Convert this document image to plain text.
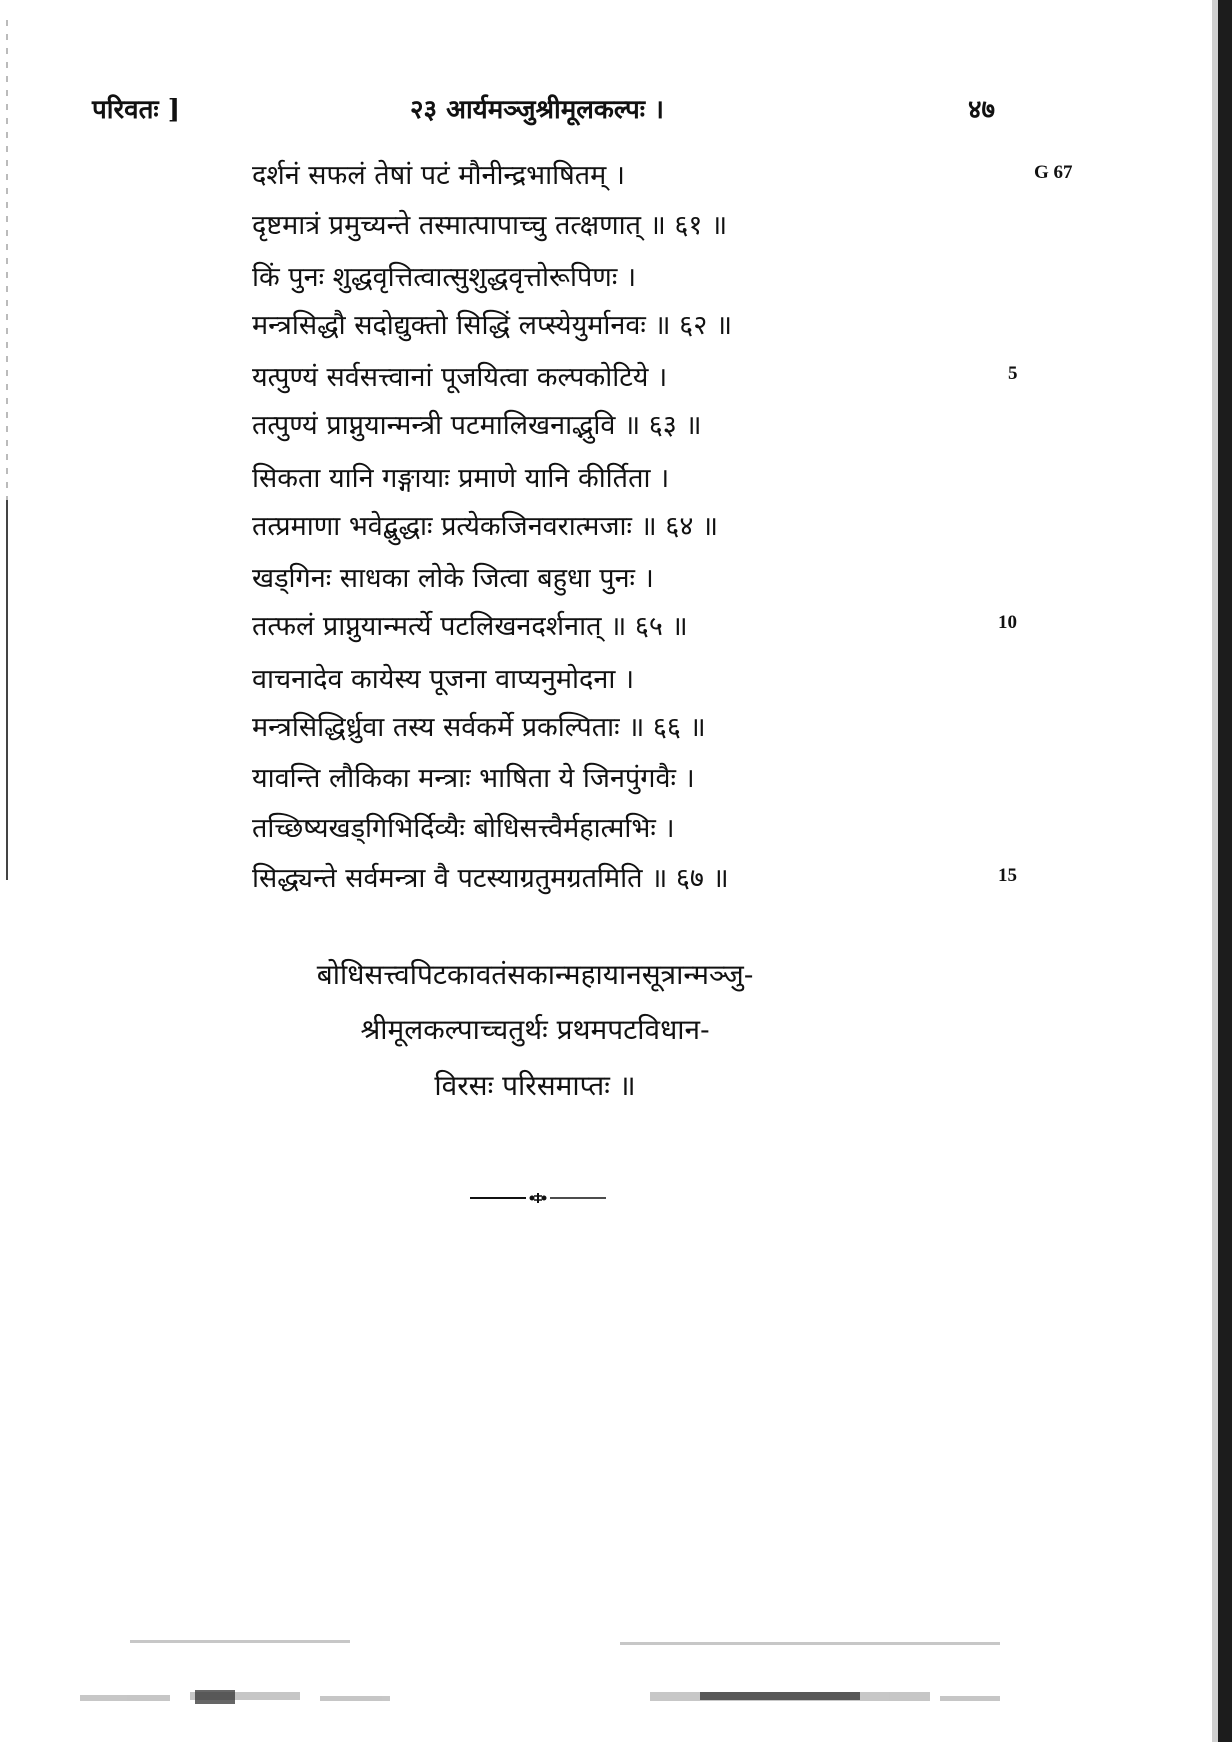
परिवतः ]	२३ आर्यमञ्जुश्रीमूलकल्पः ।	४७
दर्शनं सफलं तेषां पटं मौनीन्द्रभाषितम् ।
दृष्टमात्रं प्रमुच्यन्ते तस्मात्पापाच्चु तत्क्षणात् ॥ ६१ ॥
किं पुनः शुद्धवृत्तित्वात्सुशुद्धवृत्तोरूपिणः ।
मन्त्रसिद्धौ सदोद्युक्तो सिद्धिं लप्स्येयुर्मानवः ॥ ६२ ॥
यत्पुण्यं सर्वसत्त्वानां पूजयित्वा कल्पकोटिये ।
तत्पुण्यं प्राप्नुयान्मन्त्री पटमालिखनाद्भुवि ॥ ६३ ॥
सिकता यानि गङ्गायाः प्रमाणे यानि कीर्तिता ।
तत्प्रमाणा भवेद्बुद्धाः प्रत्येकजिनवरात्मजाः ॥ ६४ ॥
खड्गिनः साधका लोके जित्वा बहुधा पुनः ।
तत्फलं प्राप्नुयान्मर्त्ये पटलिखनदर्शनात् ॥ ६५ ॥
वाचनादेव कायेस्य पूजना वाप्यनुमोदना ।
मन्त्रसिद्धिर्ध्रुवा तस्य सर्वकर्मे प्रकल्पिताः ॥ ६६ ॥
यावन्ति लौकिका मन्त्राः भाषिता ये जिनपुंगवैः ।
तच्छिष्यखड्गिभिर्दिव्यैः बोधिसत्त्वैर्महात्मभिः ।
सिद्ध्यन्ते सर्वमन्त्रा वै पटस्याग्रतुमग्रतमिति ॥ ६७ ॥
G 67
5
10
15
बोधिसत्त्वपिटकावतंसकान्महायानसूत्रान्मञ्जु-
श्रीमूलकल्पाच्चतुर्थः प्रथमपटविधान-
विरसः परिसमाप्तः ॥
